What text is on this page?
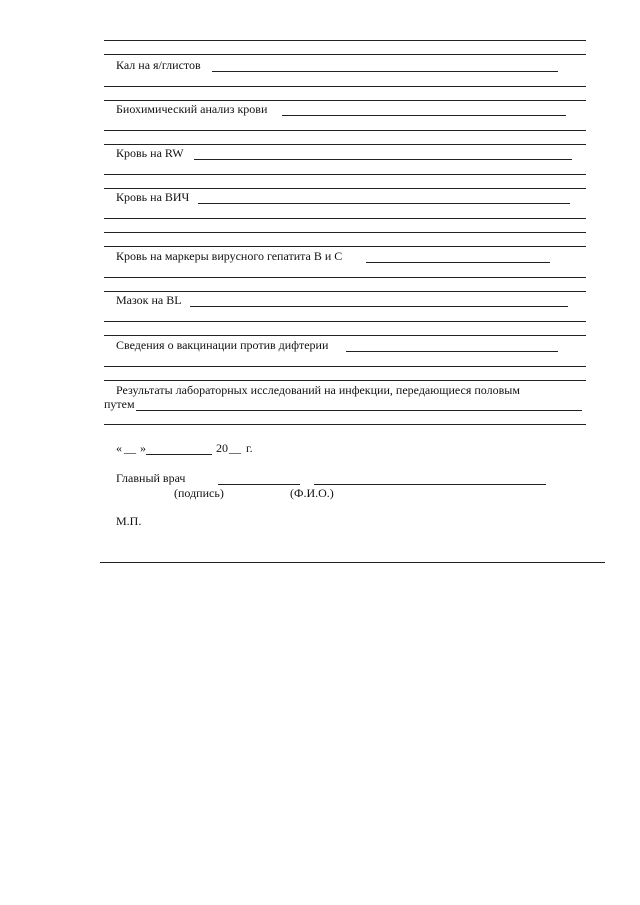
Кал на я/глистов
Биохимический анализ крови
Кровь на RW
Кровь на ВИЧ
Кровь на маркеры вирусного гепатита В и С
Мазок на BL
Сведения о вакцинации против дифтерии
Результаты лабораторных исследований на инфекции, передающиеся половым
путем
« __ »	20 __ г.
Главный врач
(подпись)	(Ф.И.О.)
М.П.
